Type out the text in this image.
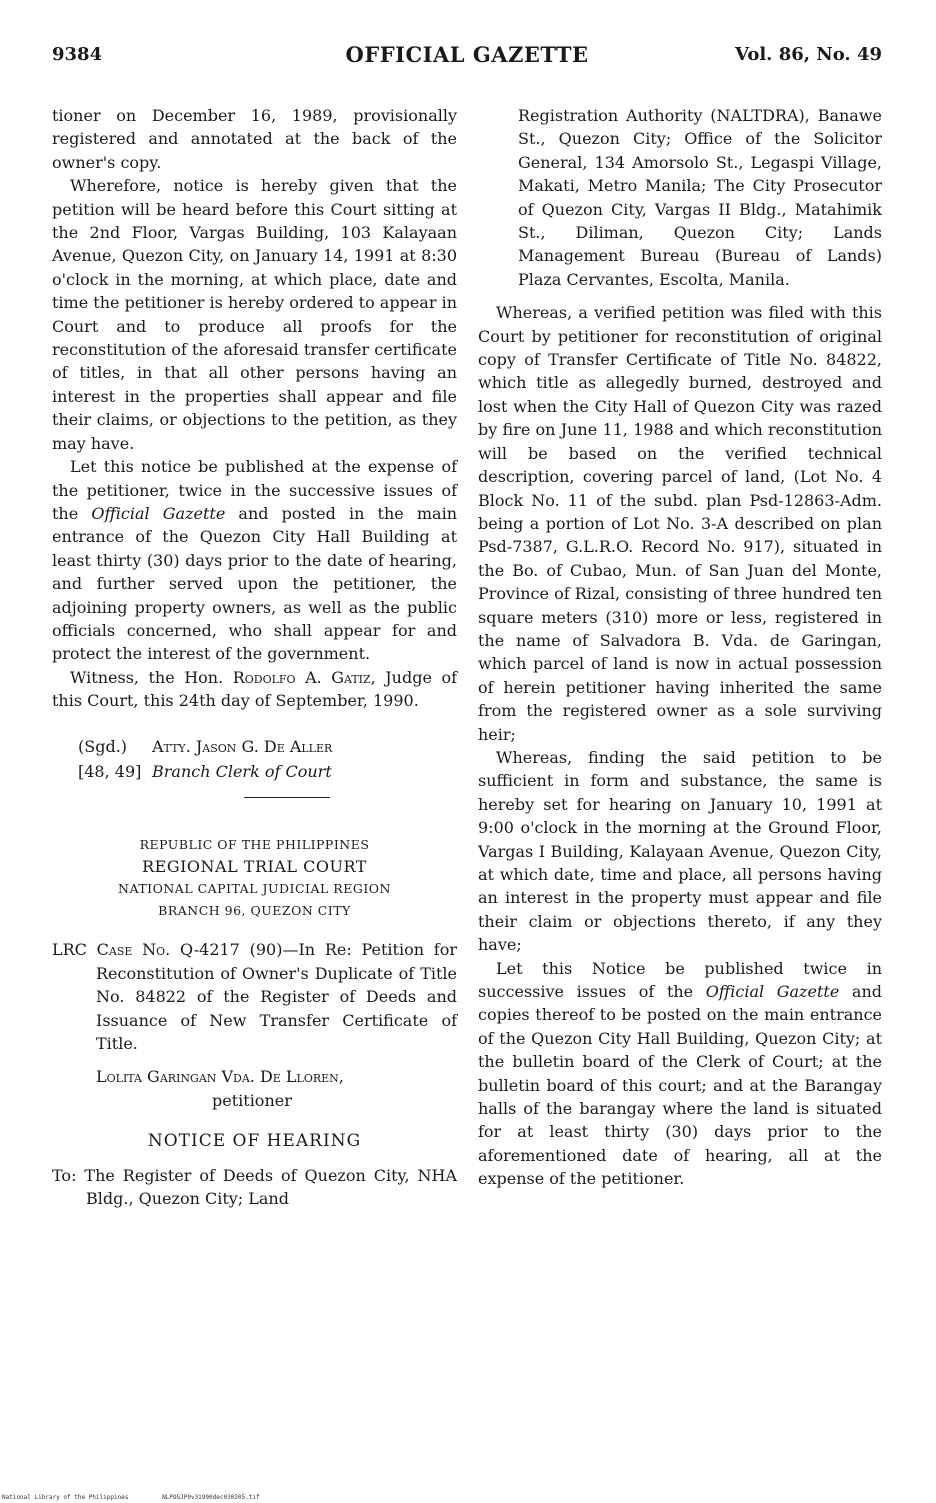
9384	OFFICIAL GAZETTE	Vol. 86, No. 49

tioner on December 16, 1989, provisionally registered and annotated at the back of the owner's copy.

Wherefore, notice is hereby given that the petition will be heard before this Court sitting at the 2nd Floor, Vargas Building, 103 Kalayaan Avenue, Quezon City, on January 14, 1991 at 8:30 o'clock in the morning, at which place, date and time the petitioner is hereby ordered to appear in Court and to produce all proofs for the reconstitution of the aforesaid transfer certificate of titles, in that all other persons having an interest in the properties shall appear and file their claims, or objections to the petition, as they may have.

Let this notice be published at the expense of the petitioner, twice in the successive issues of the Official Gazette and posted in the main entrance of the Quezon City Hall Building at least thirty (30) days prior to the date of hearing, and further served upon the petitioner, the adjoining property owners, as well as the public officials concerned, who shall appear for and protect the interest of the government.

Witness, the Hon. Rodolfo A. Gatiz, Judge of this Court, this 24th day of September, 1990.

(Sgd.)	Atty. Jason G. De Aller
[48, 49] Branch Clerk of Court
REPUBLIC OF THE PHILIPPINES
REGIONAL TRIAL COURT
NATIONAL CAPITAL JUDICIAL REGION
BRANCH 96, QUEZON CITY

LRC Case No. Q-4217 (90)—In Re: Petition for Reconstitution of Owner's Duplicate of Title No. 84822 of the Register of Deeds and Issuance of New Transfer Certificate of Title.

Lolita Garingan Vda. De Lloren,

petitioner

NOTICE OF HEARING

To: The Register of Deeds of Quezon City, NHA Bldg., Quezon City; Land

Registration Authority (NALTDRA), Banawe St., Quezon City; Office of the Solicitor General, 134 Amorsolo St., Legaspi Village, Makati, Metro Manila; The City Prosecutor of Quezon City, Vargas II Bldg., Matahimik St., Diliman, Quezon City; Lands Management Bureau (Bureau of Lands) Plaza Cervantes, Escolta, Manila.

Whereas, a verified petition was filed with this Court by petitioner for reconstitution of original copy of Transfer Certificate of Title No. 84822, which title as allegedly burned, destroyed and lost when the City Hall of Quezon City was razed by fire on June 11, 1988 and which reconstitution will be based on the verified technical description, covering parcel of land, (Lot No. 4 Block No. 11 of the subd. plan Psd-12863-Adm. being a portion of Lot No. 3-A described on plan Psd-7387, G.L.R.O. Record No. 917), situated in the Bo. of Cubao, Mun. of San Juan del Monte, Province of Rizal, consisting of three hundred ten square meters (310) more or less, registered in the name of Salvadora B. Vda. de Garingan, which parcel of land is now in actual possession of herein petitioner having inherited the same from the registered owner as a sole surviving heir;

Whereas, finding the said petition to be sufficient in form and substance, the same is hereby set for hearing on January 10, 1991 at 9:00 o'clock in the morning at the Ground Floor, Vargas I Building, Kalayaan Avenue, Quezon City, at which date, time and place, all persons having an interest in the property must appear and file their claim or objections thereto, if any they have;

Let this Notice be published twice in successive issues of the Official Gazette and copies thereof to be posted on the main entrance of the Quezon City Hall Building, Quezon City; at the bulletin board of the Clerk of Court; at the bulletin board of this court; and at the Barangay halls of the barangay where the land is situated for at least thirty (30) days prior to the aforementioned date of hearing, all at the expense of the petitioner.

National Library of the Philippines	NLPOGJP0v31990dec030205.tif
